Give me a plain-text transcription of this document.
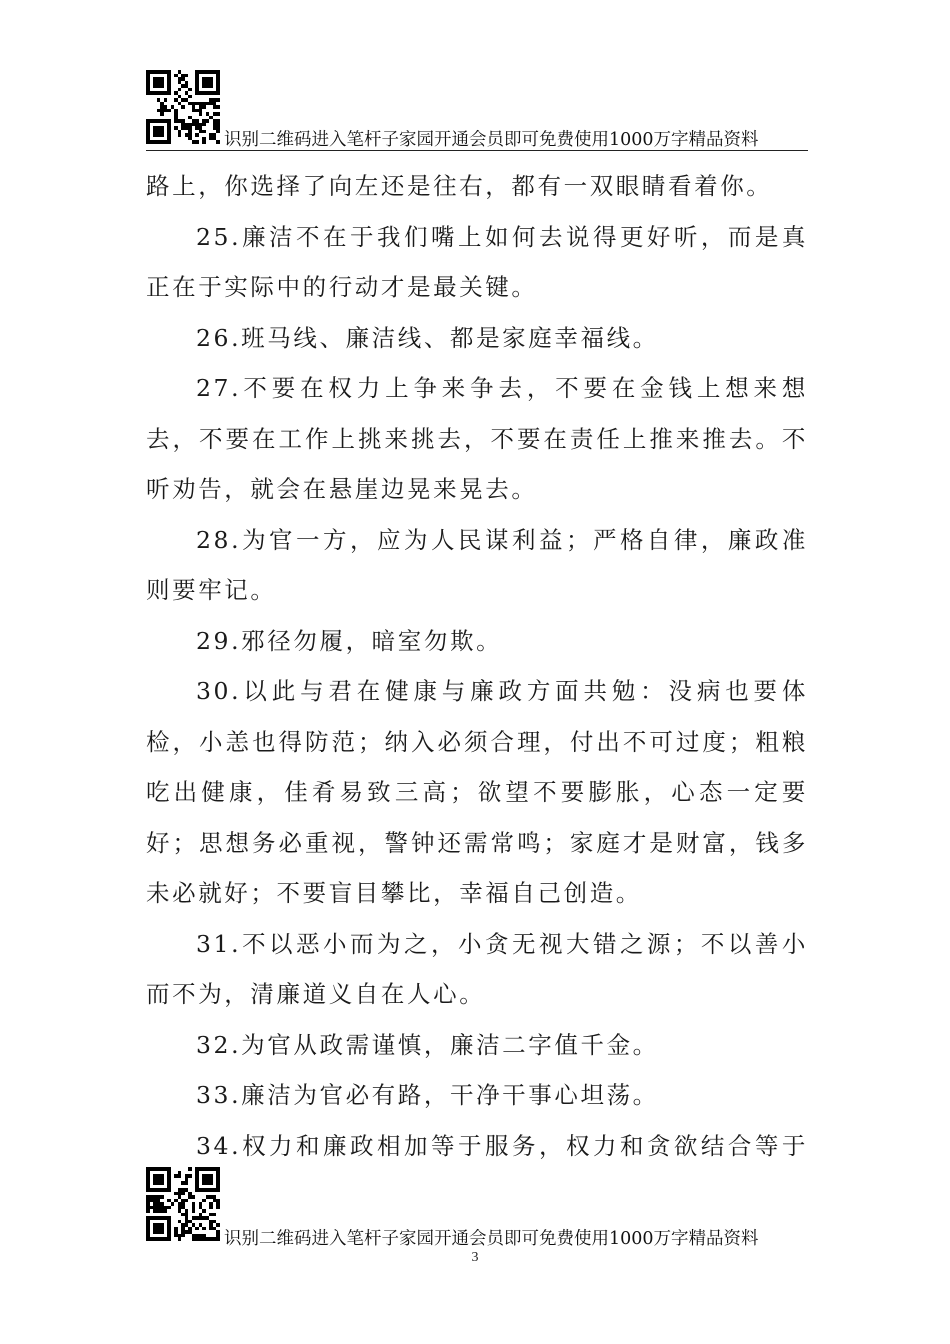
识别二维码进入笔杆子家园开通会员即可免费使用1000万字精品资料

路上，你选择了向左还是往右，都有一双眼睛看着你。

25.廉洁不在于我们嘴上如何去说得更好听，而是真正在于实际中的行动才是最关键。

26.班马线、廉洁线、都是家庭幸福线。

27.不要在权力上争来争去，不要在金钱上想来想去，不要在工作上挑来挑去，不要在责任上推来推去。不听劝告，就会在悬崖边晃来晃去。

28.为官一方，应为人民谋利益；严格自律，廉政准则要牢记。

29.邪径勿履，暗室勿欺。

30.以此与君在健康与廉政方面共勉：没病也要体检，小恙也得防范；纳入必须合理，付出不可过度；粗粮吃出健康，佳肴易致三高；欲望不要膨胀，心态一定要好；思想务必重视，警钟还需常鸣；家庭才是财富，钱多未必就好；不要盲目攀比，幸福自己创造。

31.不以恶小而为之，小贪无视大错之源；不以善小而不为，清廉道义自在人心。

32.为官从政需谨慎，廉洁二字值千金。

33.廉洁为官必有路，干净干事心坦荡。

34.权力和廉政相加等于服务，权力和贪欲结合等于

识别二维码进入笔杆子家园开通会员即可免费使用1000万字精品资料
3
